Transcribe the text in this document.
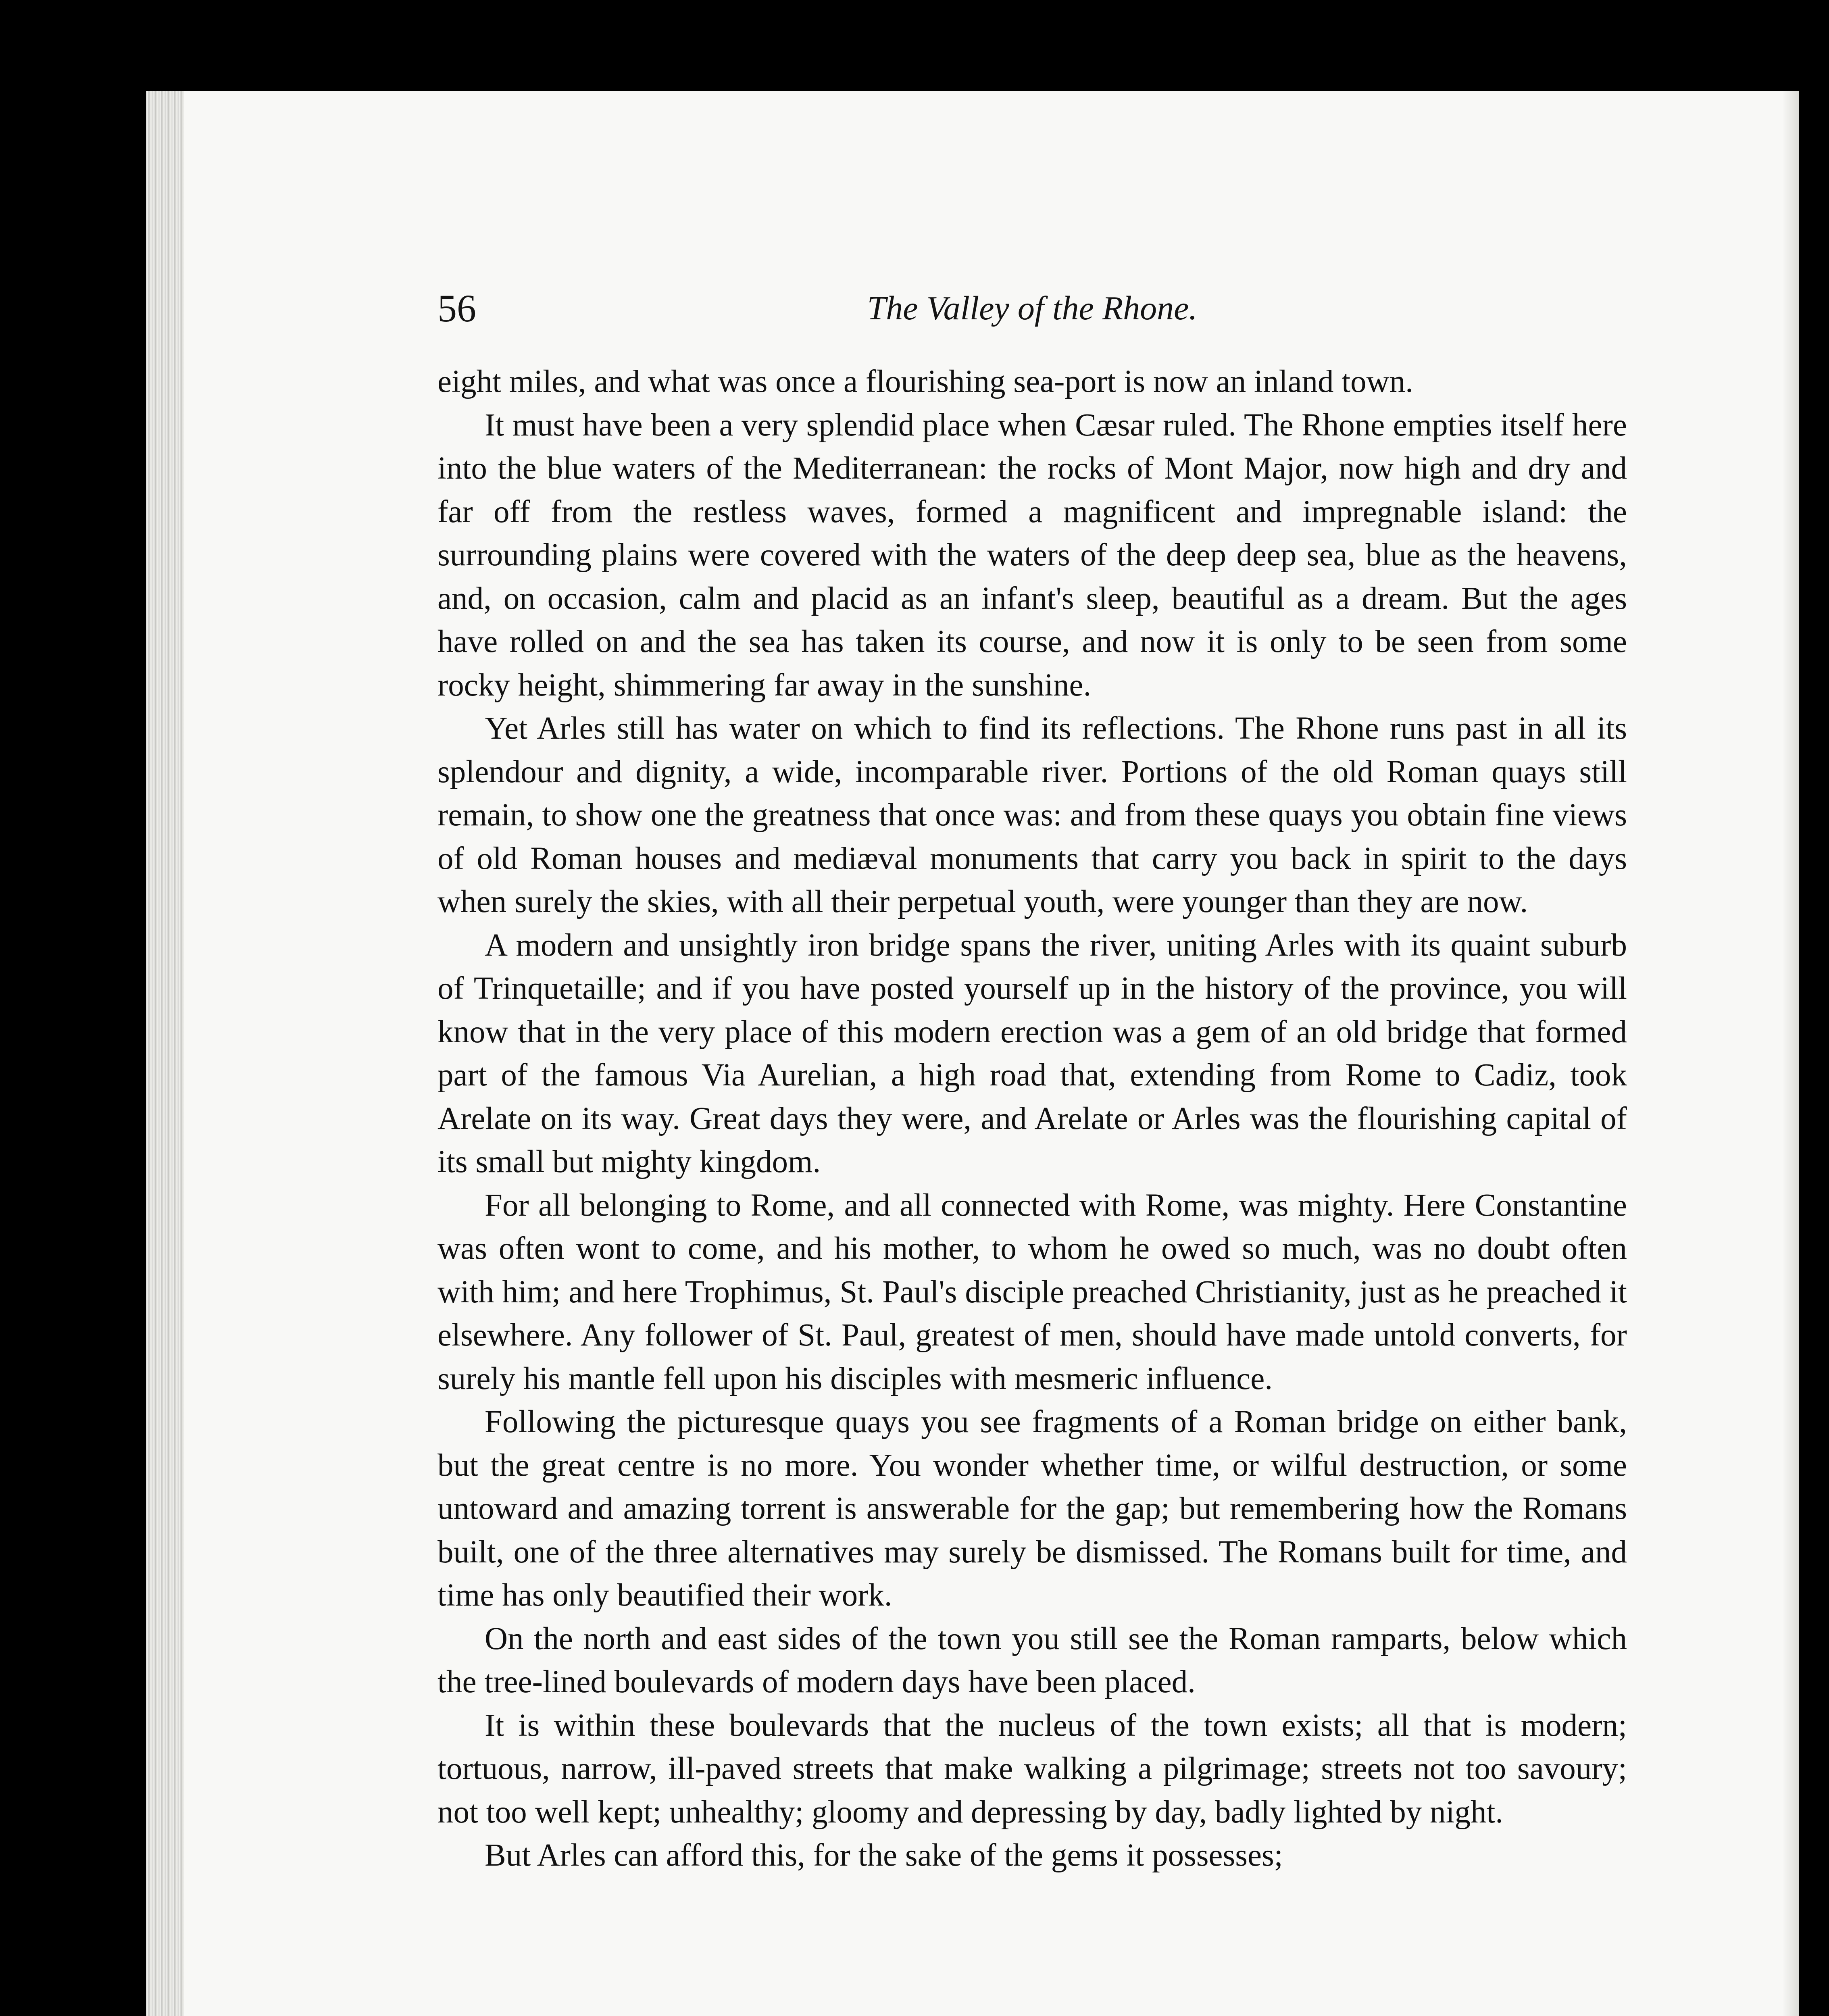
56	The Valley of the Rhone.

eight miles, and what was once a flourishing sea-port is now an inland town.

It must have been a very splendid place when Cæsar ruled. The Rhone empties itself here into the blue waters of the Mediterranean: the rocks of Mont Major, now high and dry and far off from the restless waves, formed a magnificent and impregnable island: the surrounding plains were covered with the waters of the deep deep sea, blue as the heavens, and, on occasion, calm and placid as an infant's sleep, beautiful as a dream. But the ages have rolled on and the sea has taken its course, and now it is only to be seen from some rocky height, shimmering far away in the sunshine.

Yet Arles still has water on which to find its reflections. The Rhone runs past in all its splendour and dignity, a wide, incomparable river. Portions of the old Roman quays still remain, to show one the greatness that once was: and from these quays you obtain fine views of old Roman houses and mediæval monuments that carry you back in spirit to the days when surely the skies, with all their perpetual youth, were younger than they are now.

A modern and unsightly iron bridge spans the river, uniting Arles with its quaint suburb of Trinquetaille; and if you have posted yourself up in the history of the province, you will know that in the very place of this modern erection was a gem of an old bridge that formed part of the famous Via Aurelian, a high road that, extending from Rome to Cadiz, took Arelate on its way. Great days they were, and Arelate or Arles was the flourishing capital of its small but mighty kingdom.

For all belonging to Rome, and all connected with Rome, was mighty. Here Constantine was often wont to come, and his mother, to whom he owed so much, was no doubt often with him; and here Trophimus, St. Paul's disciple preached Christianity, just as he preached it elsewhere. Any follower of St. Paul, greatest of men, should have made untold converts, for surely his mantle fell upon his disciples with mesmeric influence.

Following the picturesque quays you see fragments of a Roman bridge on either bank, but the great centre is no more. You wonder whether time, or wilful destruction, or some untoward and amazing torrent is answerable for the gap; but remembering how the Romans built, one of the three alternatives may surely be dismissed. The Romans built for time, and time has only beautified their work.

On the north and east sides of the town you still see the Roman ramparts, below which the tree-lined boulevards of modern days have been placed.

It is within these boulevards that the nucleus of the town exists; all that is modern; tortuous, narrow, ill-paved streets that make walking a pilgrimage; streets not too savoury; not too well kept; unhealthy; gloomy and depressing by day, badly lighted by night.

But Arles can afford this, for the sake of the gems it possesses;
